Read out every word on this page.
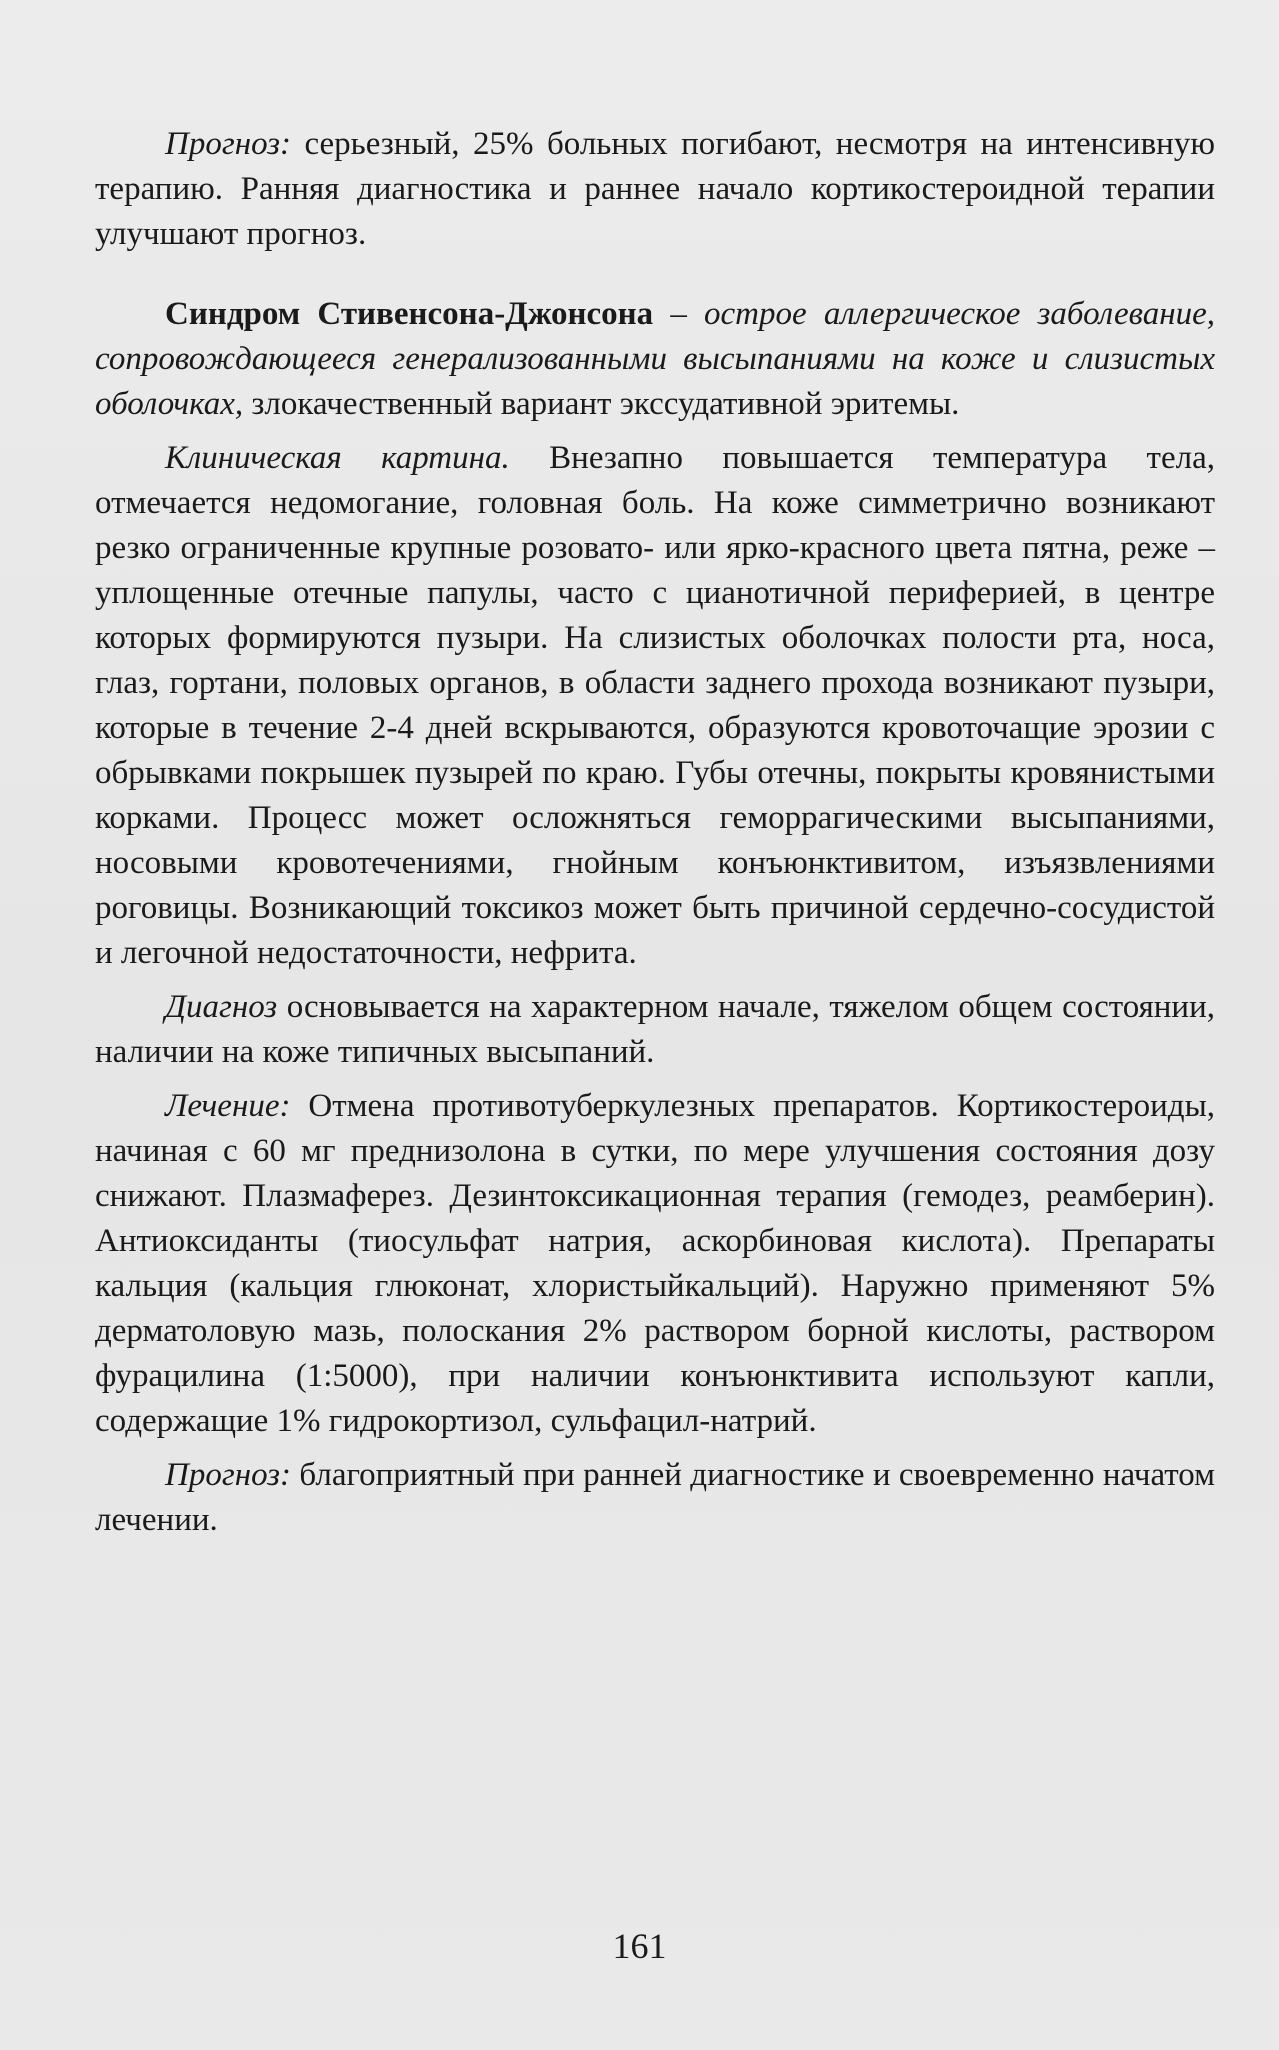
Прогноз: серьезный, 25% больных погибают, несмотря на интенсивную терапию. Ранняя диагностика и раннее начало кортикостероидной терапии улучшают прогноз.

Синдром Стивенсона-Джонсона – острое аллергическое заболевание, сопровождающееся генерализованными высыпаниями на коже и слизистых оболочках, злокачественный вариант экссудативной эритемы.

Клиническая картина. Внезапно повышается температура тела, отмечается недомогание, головная боль. На коже симметрично возникают резко ограниченные крупные розовато- или ярко-красного цвета пятна, реже – уплощенные отечные папулы, часто с цианотичной периферией, в центре которых формируются пузыри. На слизистых оболочках полости рта, носа, глаз, гортани, половых органов, в области заднего прохода возникают пузыри, которые в течение 2-4 дней вскрываются, образуются кровоточащие эрозии с обрывками покрышек пузырей по краю. Губы отечны, покрыты кровянистыми корками. Процесс может осложняться геморрагическими высыпаниями, носовыми кровотечениями, гнойным конъюнктивитом, изъязвлениями роговицы. Возникающий токсикоз может быть причиной сердечно-сосудистой и легочной недостаточности, нефрита.

Диагноз основывается на характерном начале, тяжелом общем состоянии, наличии на коже типичных высыпаний.

Лечение: Отмена противотуберкулезных препаратов. Кортикостероиды, начиная с 60 мг преднизолона в сутки, по мере улучшения состояния дозу снижают. Плазмаферез. Дезинтоксикационная терапия (гемодез, реамберин). Антиоксиданты (тиосульфат натрия, аскорбиновая кислота). Препараты кальция (кальция глюконат, хлористыйкальций). Наружно применяют 5% дерматоловую мазь, полоскания 2% раствором борной кислоты, раствором фурацилина (1:5000), при наличии конъюнктивита используют капли, содержащие 1% гидрокортизол, сульфацил-натрий.

Прогноз: благоприятный при ранней диагностике и своевременно начатом лечении.

161
